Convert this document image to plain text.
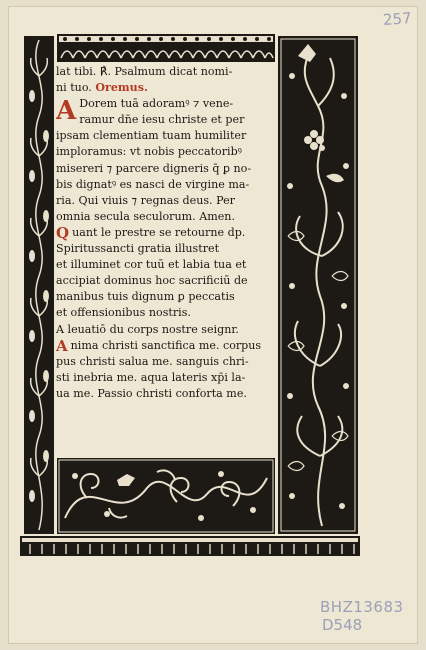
257
BHZ13683
D548
lat tibi. ℟. Psalmum dicat nomi-
ni tuo. Oremus.
A Dorem tuā adoramꝰ ⁊ vene-
ramur dn̄e iesu christe et per
ipsam clementiam tuam humiliter
imploramus: vt nobis peccatoribꝰ
misereri ⁊ parcere digneris q̄ ꝑ no-
bis dignatꝰ es nasci de virgine ma-
ria. Qui viuis ⁊ regnas deus. Per
omnia secula seculorum. Amen.
Q uant le prestre se retourne dp.
Spiritussancti gratia illustret
et illuminet cor tuū et labia tua et
accipiat dominus hoc sacrificiū de
manibus tuis dignum ꝑ peccatis
et offensionibus nostris.
A leuatiō du corps nostre seignr.
A nima christi sanctifica me. corpus
pus christi salua me. sanguis chri-
sti inebria me. aqua lateris xp̄i la-
ua me. Passio christi conforta me.
